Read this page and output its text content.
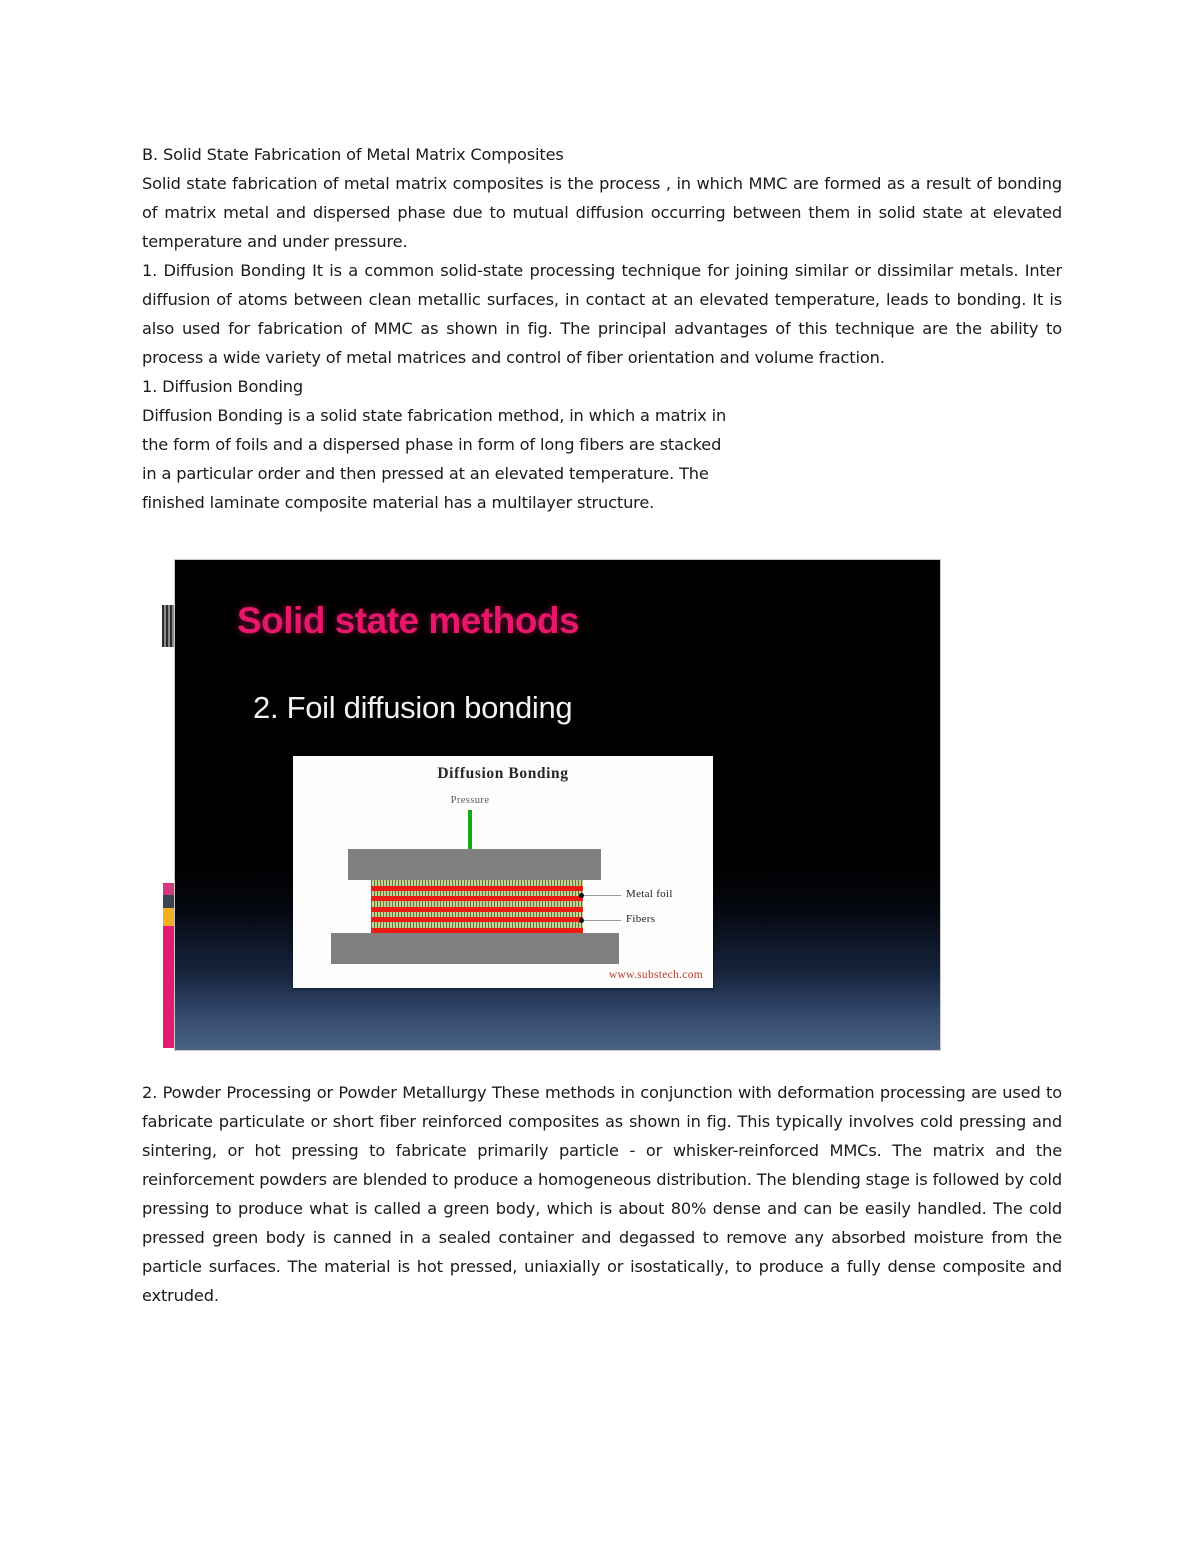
B. Solid State Fabrication of Metal Matrix Composites

Solid state fabrication of metal matrix composites is the process , in which MMC are formed as a result of bonding of matrix metal and dispersed phase due to mutual diffusion occurring between them in solid state at elevated temperature and under pressure.

1. Diffusion Bonding It is a common solid-state processing technique for joining similar or dissimilar metals. Inter diffusion of atoms between clean metallic surfaces, in contact at an elevated temperature, leads to bonding. It is also used for fabrication of MMC as shown in fig. The principal advantages of this technique are the ability to process a wide variety of metal matrices and control of fiber orientation and volume fraction.

1. Diffusion Bonding

Diffusion Bonding is a solid state fabrication method, in which a matrix in the form of foils and a dispersed phase in form of long fibers are stacked in a particular order and then pressed at an elevated temperature. The finished laminate composite material has a multilayer structure.

Solid state methods
2. Foil diffusion bonding
Diffusion Bonding
Pressure
Metal foil
Fibers
www.substech.com

2. Powder Processing or Powder Metallurgy These methods in conjunction with deformation processing are used to fabricate particulate or short fiber reinforced composites as shown in fig. This typically involves cold pressing and sintering, or hot pressing to fabricate primarily particle - or whisker-reinforced MMCs. The matrix and the reinforcement powders are blended to produce a homogeneous distribution. The blending stage is followed by cold pressing to produce what is called a green body, which is about 80% dense and can be easily handled. The cold pressed green body is canned in a sealed container and degassed to remove any absorbed moisture from the particle surfaces. The material is hot pressed, uniaxially or isostatically, to produce a fully dense composite and extruded.
